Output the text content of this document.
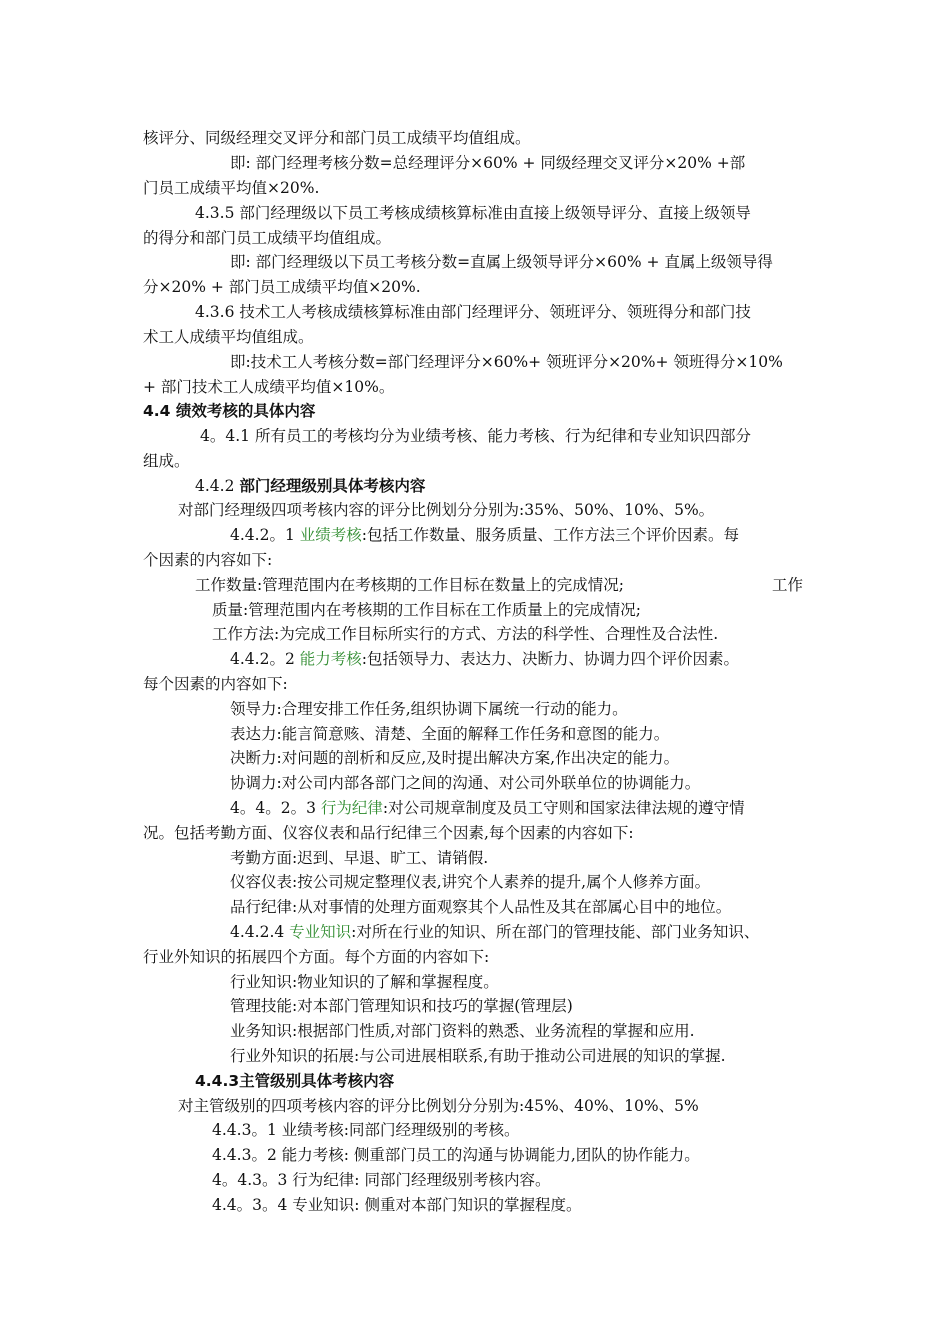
核评分、同级经理交叉评分和部门员工成绩平均值组成。
即: 部门经理考核分数=总经理评分×60% + 同级经理交叉评分×20% +部
门员工成绩平均值×20%.
4.3.5 部门经理级以下员工考核成绩核算标准由直接上级领导评分、直接上级领导
的得分和部门员工成绩平均值组成。
即: 部门经理级以下员工考核分数=直属上级领导评分×60% + 直属上级领导得
分×20% + 部门员工成绩平均值×20%.
4.3.6 技术工人考核成绩核算标准由部门经理评分、领班评分、领班得分和部门技
术工人成绩平均值组成。
即:技术工人考核分数=部门经理评分×60%+ 领班评分×20%+ 领班得分×10%
+ 部门技术工人成绩平均值×10%。
4.4 绩效考核的具体内容
4。4.1 所有员工的考核均分为业绩考核、能力考核、行为纪律和专业知识四部分
组成。
4.4.2 部门经理级别具体考核内容
对部门经理级四项考核内容的评分比例划分分别为:35%、50%、10%、5%。
4.4.2。1 业绩考核:包括工作数量、服务质量、工作方法三个评价因素。每
个因素的内容如下:
工作数量:管理范围内在考核期的工作目标在数量上的完成情况;	工作
质量:管理范围内在考核期的工作目标在工作质量上的完成情况;
工作方法:为完成工作目标所实行的方式、方法的科学性、合理性及合法性.
4.4.2。2 能力考核:包括领导力、表达力、决断力、协调力四个评价因素。
每个因素的内容如下:
领导力:合理安排工作任务,组织协调下属统一行动的能力。
表达力:能言简意赅、清楚、全面的解释工作任务和意图的能力。
决断力:对问题的剖析和反应,及时提出解决方案,作出决定的能力。
协调力:对公司内部各部门之间的沟通、对公司外联单位的协调能力。
4。4。2。3 行为纪律:对公司规章制度及员工守则和国家法律法规的遵守情
况。包括考勤方面、仪容仪表和品行纪律三个因素,每个因素的内容如下:
考勤方面:迟到、早退、旷工、请销假.
仪容仪表:按公司规定整理仪表,讲究个人素养的提升,属个人修养方面。
品行纪律:从对事情的处理方面观察其个人品性及其在部属心目中的地位。
4.4.2.4 专业知识:对所在行业的知识、所在部门的管理技能、部门业务知识、
行业外知识的拓展四个方面。每个方面的内容如下:
行业知识:物业知识的了解和掌握程度。
管理技能:对本部门管理知识和技巧的掌握(管理层)
业务知识:根据部门性质,对部门资料的熟悉、业务流程的掌握和应用.
行业外知识的拓展:与公司进展相联系,有助于推动公司进展的知识的掌握.
4.4.3主管级别具体考核内容
对主管级别的四项考核内容的评分比例划分分别为:45%、40%、10%、5%
4.4.3。1 业绩考核:同部门经理级别的考核。
4.4.3。2 能力考核: 侧重部门员工的沟通与协调能力,团队的协作能力。
4。4.3。3 行为纪律: 同部门经理级别考核内容。
4.4。3。4 专业知识: 侧重对本部门知识的掌握程度。
